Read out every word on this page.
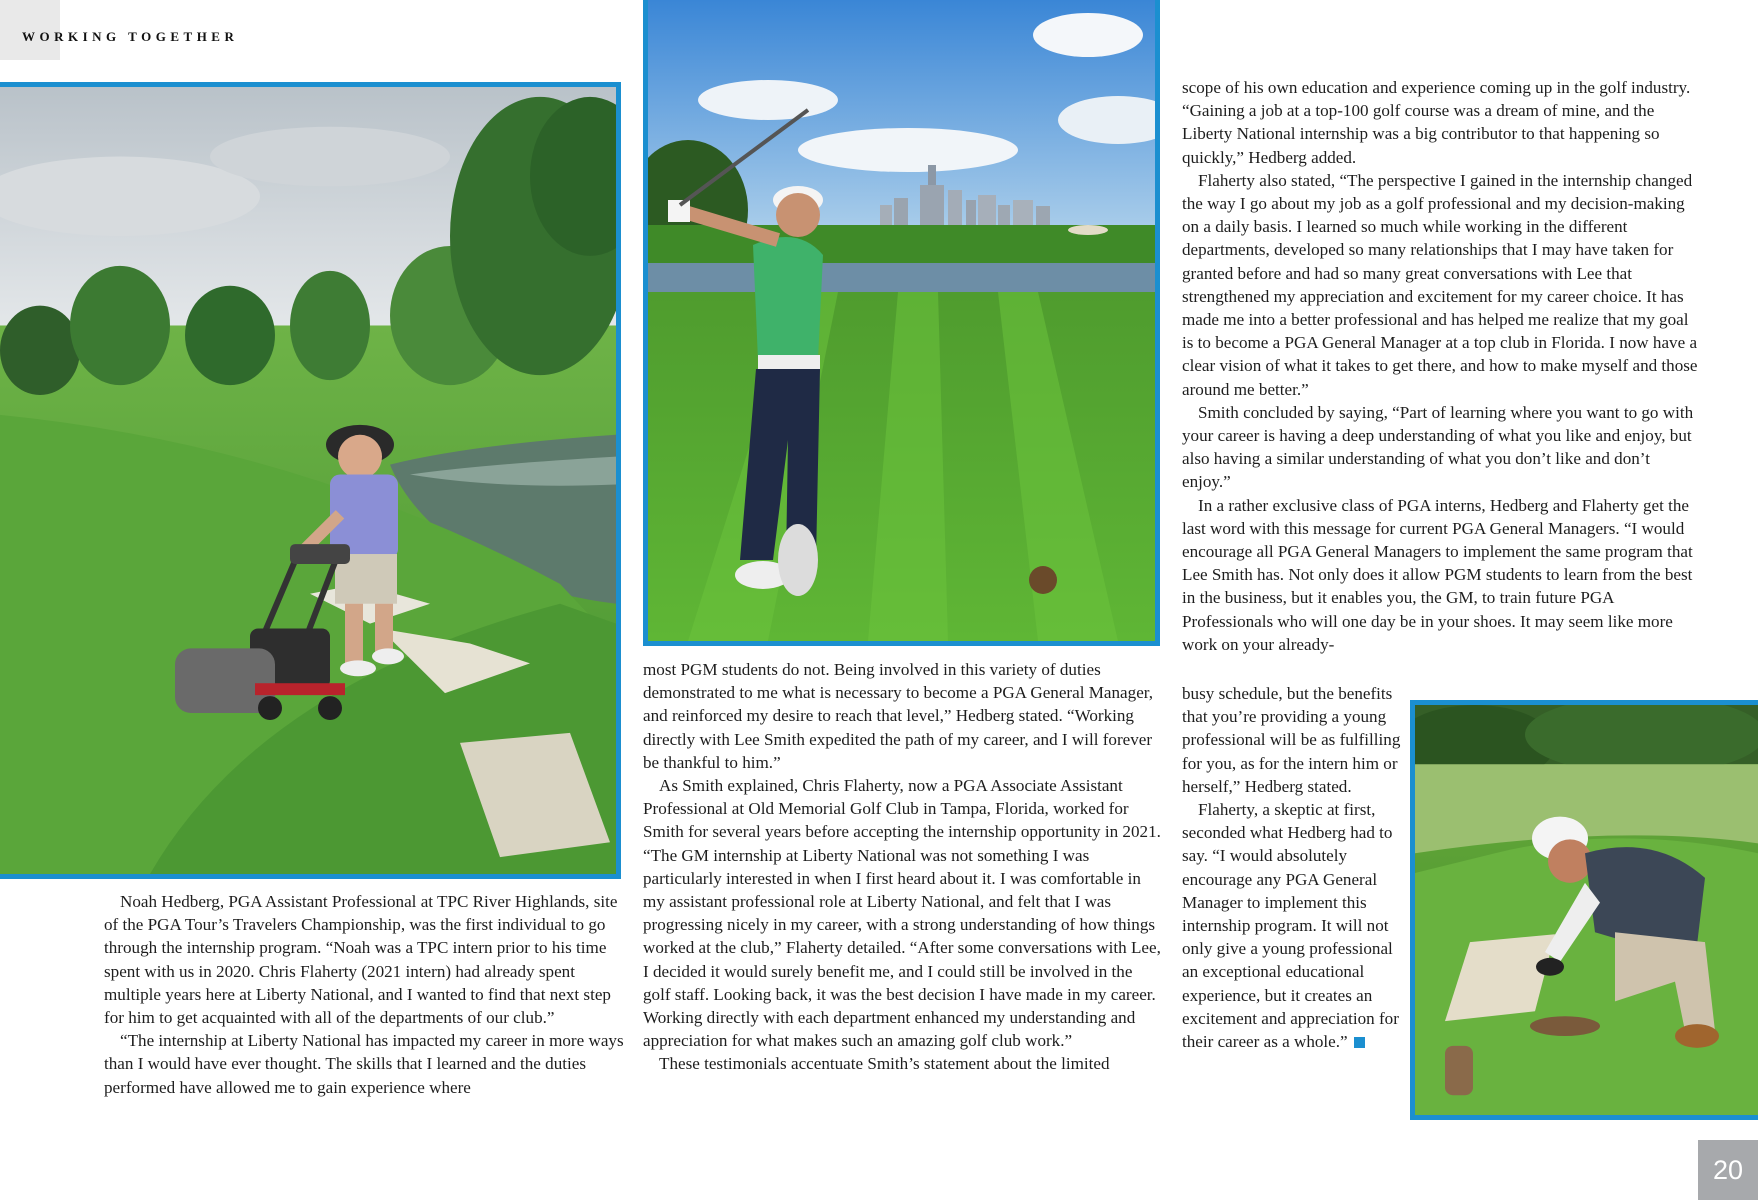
WORKING TOGETHER

Noah Hedberg, PGA Assistant Professional at TPC River Highlands, site of the PGA Tour’s Travelers Championship, was the first individual to go through the internship program. “Noah was a TPC intern prior to his time spent with us in 2020. Chris Flaherty (2021 intern) had already spent multiple years here at Liberty National, and I wanted to find that next step for him to get acquainted with all of the departments of our club.”

“The internship at Liberty National has impacted my career in more ways than I would have ever thought. The skills that I learned and the duties performed have allowed me to gain experience where

most PGM students do not. Being involved in this variety of duties demonstrated to me what is necessary to become a PGA General Manager, and reinforced my desire to reach that level,” Hedberg stated. “Working directly with Lee Smith expedited the path of my career, and I will forever be thankful to him.”

As Smith explained, Chris Flaherty, now a PGA Associate Assistant Professional at Old Memorial Golf Club in Tampa, Florida, worked for Smith for several years before accepting the internship opportunity in 2021. “The GM internship at Liberty National was not something I was particularly interested in when I first heard about it. I was comfortable in my assistant professional role at Liberty National, and felt that I was progressing nicely in my career, with a strong understanding of how things worked at the club,” Flaherty detailed. “After some conversations with Lee, I decided it would surely benefit me, and I could still be involved in the golf staff. Looking back, it was the best decision I have made in my career. Working directly with each department enhanced my understanding and appreciation for what makes such an amazing golf club work.”

These testimonials accentuate Smith’s statement about the limited

scope of his own education and experience coming up in the golf industry. “Gaining a job at a top-100 golf course was a dream of mine, and the Liberty National internship was a big contributor to that happening so quickly,” Hedberg added.

Flaherty also stated, “The perspective I gained in the internship changed the way I go about my job as a golf professional and my decision-making on a daily basis. I learned so much while working in the different departments, developed so many relationships that I may have taken for granted before and had so many great conversations with Lee that strengthened my appreciation and excitement for my career choice. It has made me into a better professional and has helped me realize that my goal is to become a PGA General Manager at a top club in Florida. I now have a clear vision of what it takes to get there, and how to make myself and those around me better.”

Smith concluded by saying, “Part of learning where you want to go with your career is having a deep understanding of what you like and enjoy, but also having a similar understanding of what you don’t like and don’t enjoy.”

In a rather exclusive class of PGA interns, Hedberg and Flaherty get the last word with this message for current PGA General Managers. “I would encourage all PGA General Managers to implement the same program that Lee Smith has. Not only does it allow PGM students to learn from the best in the business, but it enables you, the GM, to train future PGA Professionals who will one day be in your shoes. It may seem like more work on your already-

busy schedule, but the benefits that you’re providing a young professional will be as fulfilling for you, as for the intern him or herself,” Hedberg stated.

Flaherty, a skeptic at first, seconded what Hedberg had to say. “I would absolutely encourage any PGA General Manager to implement this internship program. It will not only give a young professional an exceptional educational experience, but it creates an excitement and appreciation for their career as a whole.”

20
